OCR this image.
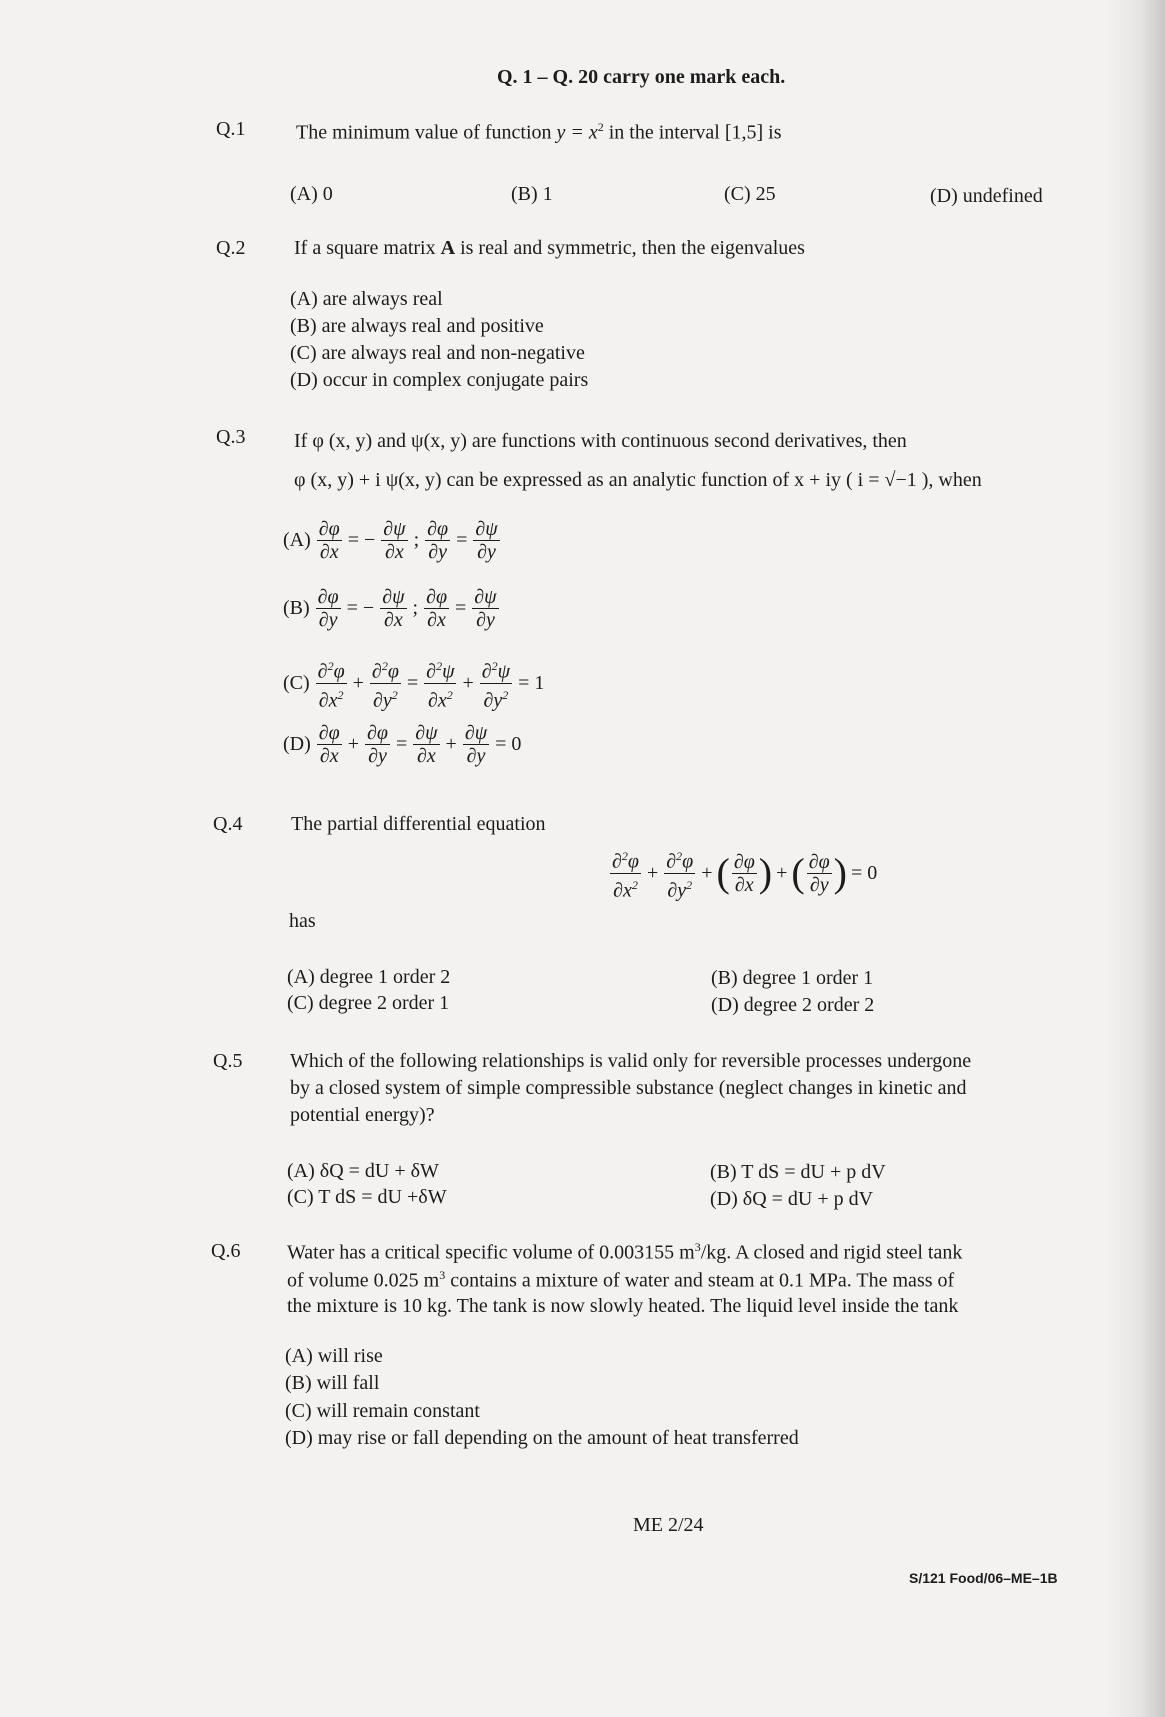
Q. 1 – Q. 20 carry one mark each.
Q.1	The minimum value of function $y = x^2$ in the interval [1,5] is
(A) 0	(B) 1	(C) 25	(D) undefined
Q.2 If a square matrix A is real and symmetric, then the eigenvalues
(A) are always real
(B) are always real and positive
(C) are always real and non-negative
(D) occur in complex conjugate pairs
Q.3 If φ (x, y) and ψ(x, y) are functions with continuous second derivatives, then
φ (x, y) + i ψ(x, y) can be expressed as an analytic function of x + iy ( i = √−1 ), when
$(A) \frac{\partial\varphi}{\partial x}$ = − $\frac{\partial\psi}{\partial x}$ ; $\frac{\partial\varphi}{\partial y} = \frac{\partial\psi}{\partial y}$
$(B) \frac{\partial\varphi}{\partial y}$ = − $\frac{\partial\psi}{\partial x}$ ; $\frac{\partial\varphi}{\partial x} = \frac{\partial\psi}{\partial y}$
$(C) \frac{\partial^2\varphi}{\partial x^2} + \frac{\partial^2\varphi}{\partial y^2} = \frac{\partial^2\psi}{\partial x^2} + \frac{\partial^2\psi}{\partial y^2} = 1$
$(D) \frac{\partial\varphi}{\partial x} + \frac{\partial\varphi}{\partial y} = \frac{\partial\psi}{\partial x} + \frac{\partial\psi}{\partial y} = 0$
Q.4 The partial differential equation
$\frac{\partial^2\varphi}{\partial x^2} + \frac{\partial^2\varphi}{\partial y^2}$ + ( $\frac{\partial\varphi}{\partial x}$ ) + ( $\frac{\partial\varphi}{\partial y}$ ) = 0
has
(A) degree 1 order 2	(B) degree 1 order 1
(C) degree 2 order 1	(D) degree 2 order 2
Q.5 Which of the following relationships is valid only for reversible processes undergone
by a closed system of simple compressible substance (neglect changes in kinetic and
potential energy)?
(A) δQ = dU + δW	(B) T dS = dU + p dV
(C) T dS = dU +δW	(D) δQ = dU + p dV
Q.6 Water has a critical specific volume of 0.003155 $m^3/kg$. A closed and rigid steel tank
of volume 0.025 $m^3$ contains a mixture of water and steam at 0.1 MPa. The mass of
the mixture is 10 kg. The tank is now slowly heated. The liquid level inside the tank
(A) will rise
(B) will fall
(C) will remain constant
(D) may rise or fall depending on the amount of heat transferred
ME 2/24
S/121 Food/06–ME–1B
